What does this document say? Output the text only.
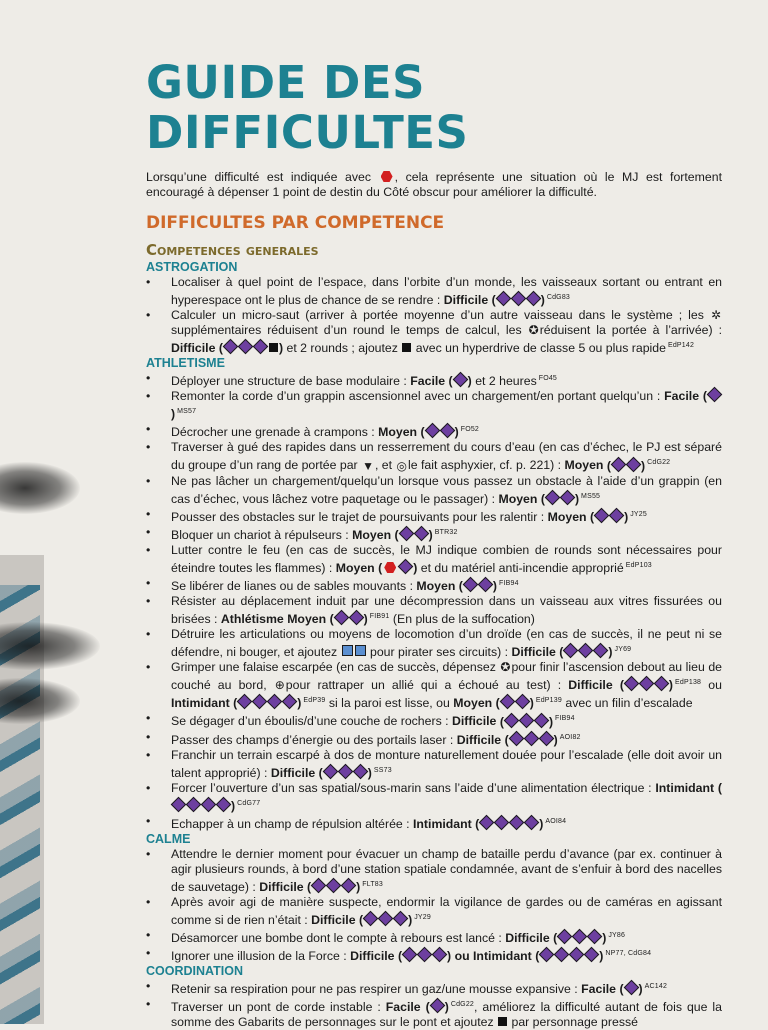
GUIDE DES DIFFICULTES
Lorsqu’une difficulté est indiquée avec , cela représente une situation où le MJ est fortement encouragé à dépenser 1 point de destin du Côté obscur pour améliorer la difficulté.
DIFFICULTES PAR COMPETENCE
Competences generales
ASTROGATION
• Localiser à quel point de l’espace, dans l’orbite d’un monde, les vaisseaux sortant ou entrant en hyperespace ont le plus de chance de se rendre : Difficile (	) $^{CdG83}$
• Calculer un micro-saut (arriver à portée moyenne d’un autre vaisseau dans le système ; les ✲ supplémentaires réduisent d’un round le temps de calcul, les ✪réduisent la portée à l’arrivée) : Difficile (	) et 2 rounds ; ajoutez avec un hyperdrive de classe 5 ou plus rapide $^{EdP142}$
ATHLETISME
• Déployer une structure de base modulaire : Facile ( ) et 2 heures $^{FO45}$
• Remonter la corde d’un grappin ascensionnel avec un chargement/en portant quelqu’un : Facile () $^{MS57}$
• Décrocher une grenade à crampons : Moyen ( ) $^{FO52}$
• Traverser à gué des rapides dans un resserrement du cours d’eau (en cas d’échec, le PJ est séparé du groupe d’un rang de portée par ▼, et ◎le fait asphyxier, cf. p. 221) : Moyen ( ) $^{CdG22}$
• Ne pas lâcher un chargement/quelqu’un lorsque vous passez un obstacle à l’aide d’un grappin (en cas d’échec, vous lâchez votre paquetage ou le passager) : Moyen ( ) $^{MS55}$
• Pousser des obstacles sur le trajet de poursuivants pour les ralentir : Moyen ( ) $^{JY25}$
• Bloquer un chariot à répulseurs : Moyen ( ) $^{BTR32}$
• Lutter contre le feu (en cas de succès, le MJ indique combien de rounds sont nécessaires pour éteindre toutes les flammes) : Moyen (	) et du matériel anti-incendie approprié $^{EdP103}$
• Se libérer de lianes ou de sables mouvants : Moyen ( ) $^{FIB94}$
• Résister au déplacement induit par une décompression dans un vaisseau aux vitres fissurées ou brisées : Athlétisme Moyen ( ) $^{FIB91}$ (En plus de la suffocation)
• Détruire les articulations ou moyens de locomotion d’un droïde (en cas de succès, il ne peut ni se défendre, ni bouger, et ajoutez	pour pirater ses circuits) : Difficile (	) $^{JY69}$
• Grimper une falaise escarpée (en cas de succès, dépensez ✪pour finir l’ascension debout au lieu de couché au bord, ⊕pour rattraper un allié qui a échoué au test) : Difficile (	) $^{EdP138}$ ou Intimidant (	) $^{EdP39}$ si la paroi est lisse, ou Moyen ( ) $^{EdP139}$ avec un filin d’escalade
• Se dégager d’un éboulis/d’une couche de rochers : Difficile (	) $^{FIB94}$
• Passer des champs d’énergie ou des portails laser : Difficile (	) $^{AOI82}$
• Franchir un terrain escarpé à dos de monture naturellement douée pour l’escalade (elle doit avoir un talent approprié) : Difficile (	) $^{SS73}$
• Forcer l’ouverture d’un sas spatial/sous-marin sans l’aide d’une alimentation électrique : Intimidant () $^{CdG77}$
• Echapper à un champ de répulsion altérée : Intimidant (	) $^{AOI84}$
CALME
• Attendre le dernier moment pour évacuer un champ de bataille perdu d’avance (par ex. continuer à agir plusieurs rounds, à bord d’une station spatiale condamnée, avant de s’enfuir à bord des nacelles de sauvetage) : Difficile (	) $^{FLT83}$
• Après avoir agi de manière suspecte, endormir la vigilance de gardes ou de caméras en agissant comme si de rien n’était : Difficile (	) $^{JY29}$
• Désamorcer une bombe dont le compte à rebours est lancé : Difficile (	) $^{JY86}$
• Ignorer une illusion de la Force : Difficile (	) ou Intimidant (	) $^{NP77, CdG84}$
COORDINATION
• Retenir sa respiration pour ne pas respirer un gaz/une mousse expansive : Facile ( ) $^{AC142}$
• Traverser un pont de corde instable : Facile ( ) $^{CdG22}$, améliorez la difficulté autant de fois que la somme des Gabarits de personnages sur le pont et ajoutez par personnage pressé
